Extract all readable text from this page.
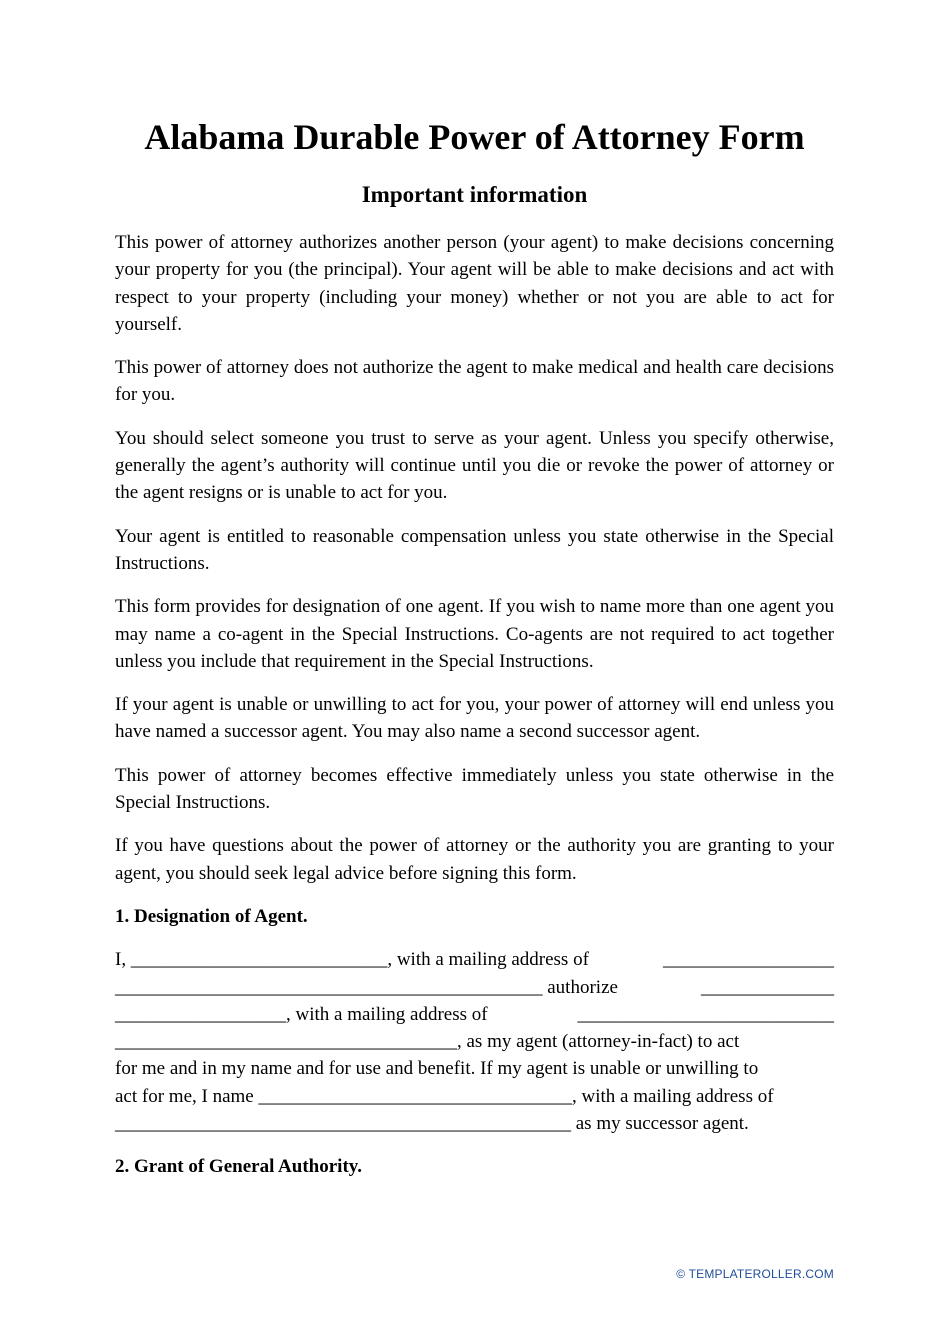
Alabama Durable Power of Attorney Form
Important information

This power of attorney authorizes another person (your agent) to make decisions concerning your property for you (the principal). Your agent will be able to make decisions and act with respect to your property (including your money) whether or not you are able to act for yourself.

This power of attorney does not authorize the agent to make medical and health care decisions for you.

You should select someone you trust to serve as your agent. Unless you specify otherwise, generally the agent’s authority will continue until you die or revoke the power of attorney or the agent resigns or is unable to act for you.

Your agent is entitled to reasonable compensation unless you state otherwise in the Special Instructions.

This form provides for designation of one agent. If you wish to name more than one agent you may name a co-agent in the Special Instructions. Co-agents are not required to act together unless you include that requirement in the Special Instructions.

If your agent is unable or unwilling to act for you, your power of attorney will end unless you have named a successor agent. You may also name a second successor agent.

This power of attorney becomes effective immediately unless you state otherwise in the Special Instructions.

If you have questions about the power of attorney or the authority you are granting to your agent, you should seek legal advice before signing this form.

1. Designation of Agent.
I, ___________________________, with a mailing address of	__________________
_____________________________________________ authorize	______________
__________________, with a mailing address of	___________________________
____________________________________, as my agent (attorney-in-fact) to act
for me and in my name and for use and benefit. If my agent is unable or unwilling to
act for me, I name _________________________________, with a mailing address of
________________________________________________ as my successor agent.
2. Grant of General Authority.
© TEMPLATEROLLER.COM
